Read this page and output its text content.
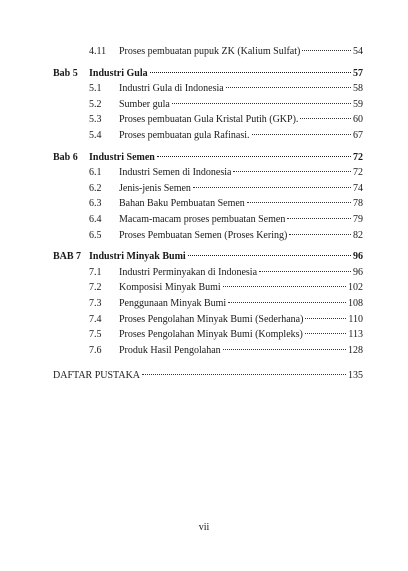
4.11	Proses pembuatan pupuk ZK (Kalium Sulfat)	54
Bab 5	Industri Gula	57
5.1	Industri Gula di Indonesia	58
5.2	Sumber gula	59
5.3	Proses pembuatan Gula Kristal Putih (GKP).	60
5.4	Proses pembuatan gula Rafinasi.	67
Bab 6	Industri Semen	72
6.1	Industri Semen di Indonesia	72
6.2	Jenis-jenis Semen	74
6.3	Bahan Baku Pembuatan Semen	78
6.4	Macam-macam proses pembuatan Semen	79
6.5	Proses Pembuatan Semen (Proses Kering)	82
BAB 7 Industri Minyak Bumi	96
7.1	Industri Perminyakan di Indonesia	96
7.2	Komposisi Minyak Bumi	102
7.3	Penggunaan Minyak Bumi	108
7.4	Proses Pengolahan Minyak Bumi (Sederhana)	110
7.5	Proses Pengolahan Minyak Bumi (Kompleks)	113
7.6	Produk Hasil Pengolahan	128
DAFTAR PUSTAKA	135
vii
